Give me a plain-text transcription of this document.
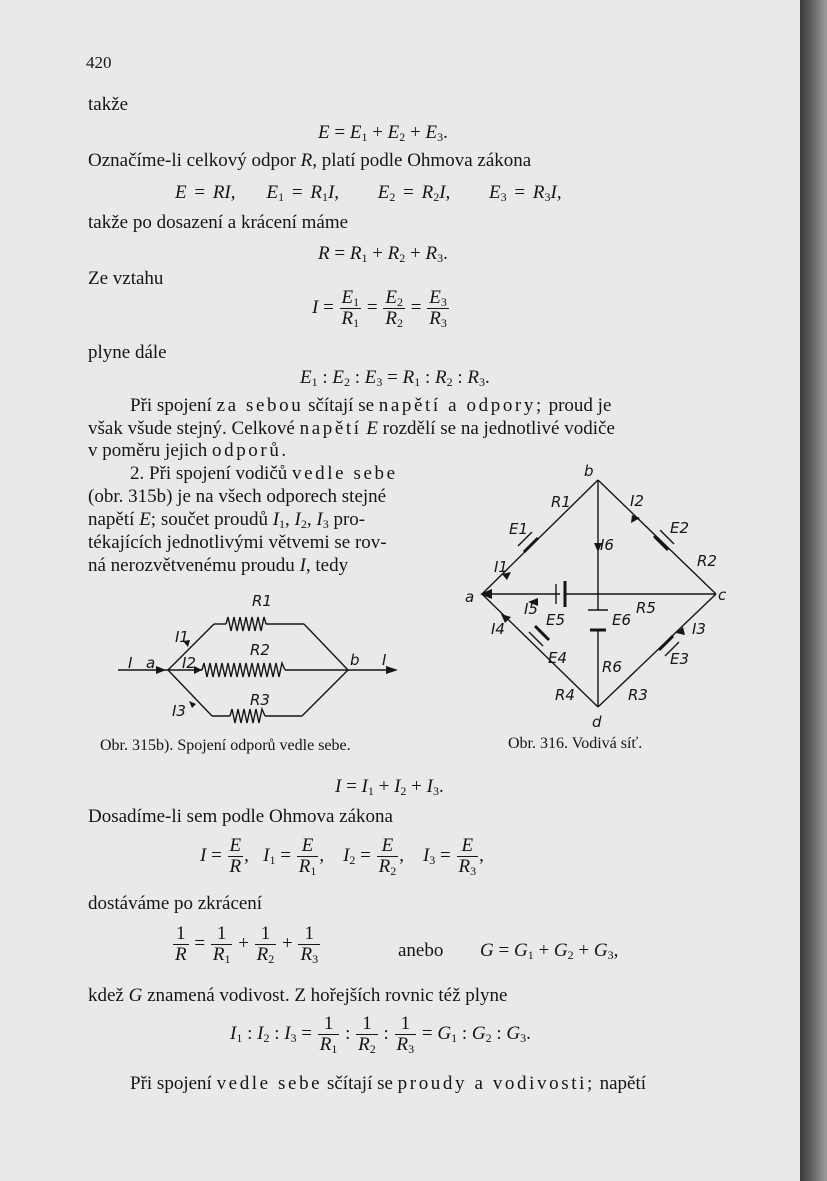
420
takže
$E = E_1 + E_2 + E_3$.
Označíme-li celkový odpor R, platí podle Ohmova zákona
E = RI,    $E_1 = R_1I$,     $E_2 = R_2I$,     $E_3 = R_3I$,
takže po dosazení a krácení máme
$R = R_1 + R_2 + R_3$.
Ze vztahu
$I = \frac{E_1}{R_1} = \frac{E_2}{R_2} = \frac{E_3}{R_3}$
plyne dále
$E_1$ : $E_2$ : $E_3 = R_1$ : $R_2$ : $R_3$.
Při spojení za sebou sčítají se napětí a odpory; proud je
však všude stejný. Celkové napětí E rozdělí se na jednotlivé vodiče
v poměru jejich odporů.
2. Při spojení vodičů vedle sebe
(obr. 315b) je na všech odporech stejné
napětí E; součet proudů $I_1$, $I_2$, $I_3$ pro-
tékajících jednotlivými větvemi se rov-
ná nerozvětvenému proudu I, tedy
R1
R2
R3
I1
I2
I3
I a	b I
a
b
c
d
R1
R2
R3
R4
R5
R6
E1	E2
E3
E4
E5	E6
I1
I2
I3
I4
I5
I6
Obr. 315b). Spojení odporů vedle sebe.	Obr. 316. Vodivá síť.
$I = I_1 + I_2 + I_3$.
Dosadíme-li sem podle Ohmova zákona
$I = \frac{E}{R}$ ,   $I_1 = \frac{E}{R_1}$ ,    $I_2 = \frac{E}{R_2}$ ,    $I_3 = \frac{E}{R_3}$ ,
dostáváme po zkrácení
$\frac{1}{R} = \frac{1}{R_1} + \frac{1}{R_2} + \frac{1}{R_3}$	anebo $G = G_1 + G_2 + G_3$,
kdež G znamená vodivost. Z hořejších rovnic též plyne
$I_1$ : $I_2$ : $I_3 = \frac{1}{R_1}$ : $\frac{1}{R_2}$ : $\frac{1}{R_3} = G_1$ : $G_2$ : $G_3$.
Při spojení vedle sebe sčítají se proudy a vodivosti; napětí
